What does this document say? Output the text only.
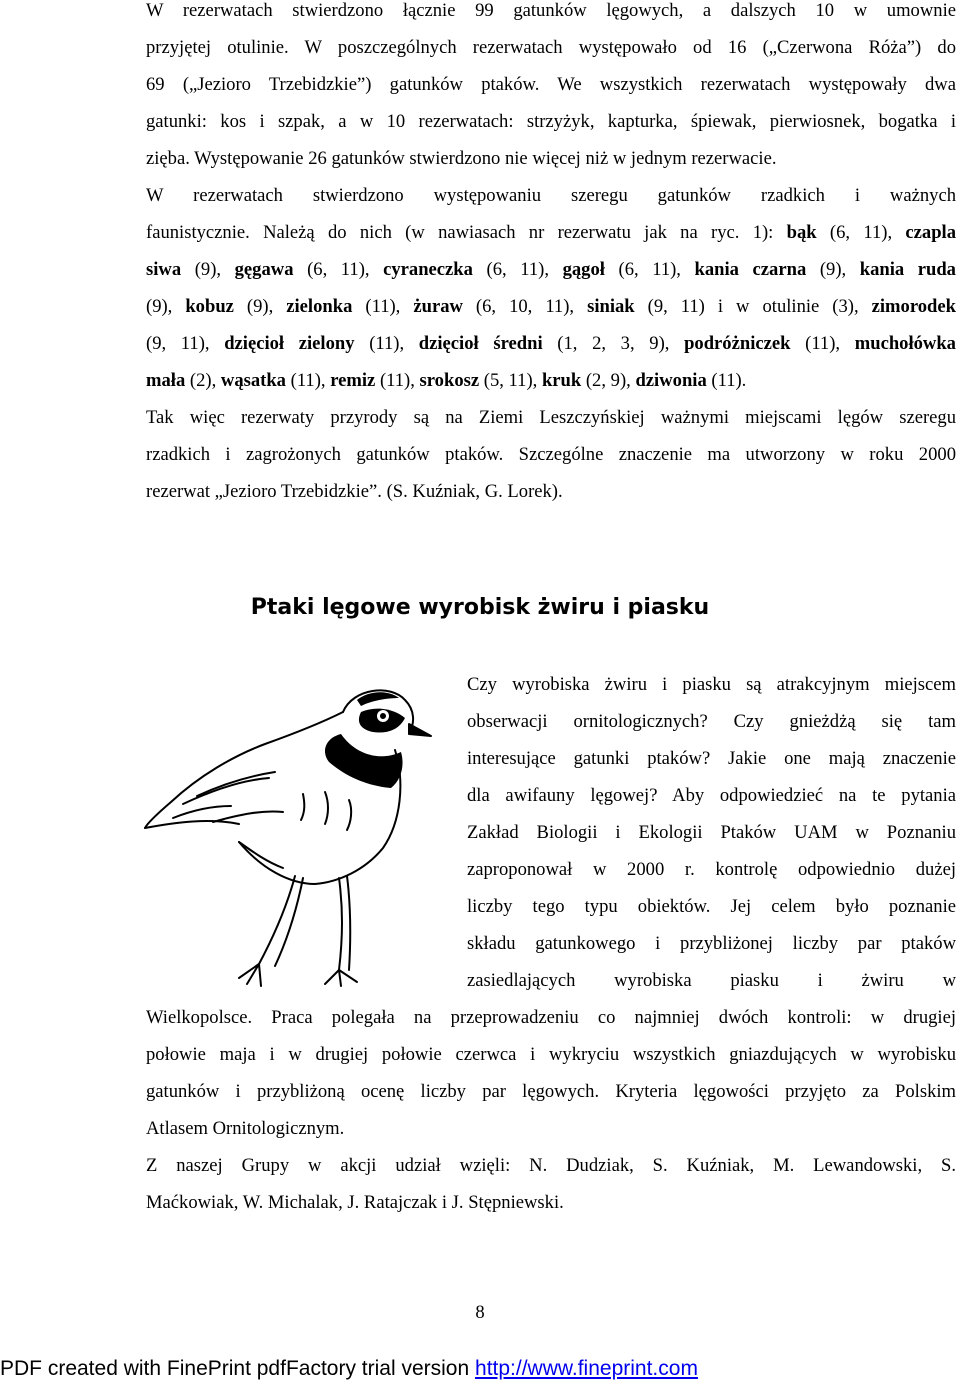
W rezerwatach stwierdzono łącznie 99 gatunków lęgowych, a dalszych 10 w umownie
przyjętej otulinie. W poszczególnych rezerwatach występowało od 16 („Czerwona Róża”) do
69 („Jezioro Trzebidzkie”) gatunków ptaków. We wszystkich rezerwatach występowały dwa
gatunki: kos i szpak, a w 10 rezerwatach: strzyżyk, kapturka, śpiewak, pierwiosnek, bogatka i
zięba. Występowanie 26 gatunków stwierdzono nie więcej niż w jednym rezerwacie.
W rezerwatach stwierdzono występowaniu szeregu gatunków rzadkich i ważnych
faunistycznie. Należą do nich (w nawiasach nr rezerwatu jak na ryc. 1): bąk (6, 11), czapla
siwa (9), gęgawa (6, 11), cyraneczka (6, 11), gągoł (6, 11), kania czarna (9), kania ruda
(9), kobuz (9), zielonka (11), żuraw (6, 10, 11), siniak (9, 11) i w otulinie (3), zimorodek
(9, 11), dzięcioł zielony (11), dzięcioł średni (1, 2, 3, 9), podróżniczek (11), muchołówka
mała (2), wąsatka (11), remiz (11), srokosz (5, 11), kruk (2, 9), dziwonia (11).
Tak więc rezerwaty przyrody są na Ziemi Leszczyńskiej ważnymi miejscami lęgów szeregu
rzadkich i zagrożonych gatunków ptaków. Szczególne znaczenie ma utworzony w roku 2000
rezerwat „Jezioro Trzebidzkie”. (S. Kuźniak, G. Lorek).
Ptaki lęgowe wyrobisk żwiru i piasku
Czy wyrobiska żwiru i piasku są atrakcyjnym miejscem
obserwacji ornitologicznych? Czy gnieżdżą się tam
interesujące gatunki ptaków? Jakie one mają znaczenie
dla awifauny lęgowej? Aby odpowiedzieć na te pytania
Zakład Biologii i Ekologii Ptaków UAM w Poznaniu
zaproponował w 2000 r. kontrolę odpowiednio dużej
liczby tego typu obiektów. Jej celem było poznanie
składu gatunkowego i przybliżonej liczby par ptaków
zasiedlających wyrobiska piasku i żwiru w
Wielkopolsce. Praca polegała na przeprowadzeniu co najmniej dwóch kontroli: w drugiej
połowie maja i w drugiej połowie czerwca i wykryciu wszystkich gniazdujących w wyrobisku
gatunków i przybliżoną ocenę liczby par lęgowych. Kryteria lęgowości przyjęto za Polskim
Atlasem Ornitologicznym.
Z naszej Grupy w akcji udział wzięli: N. Dudziak, S. Kuźniak, M. Lewandowski, S.
Maćkowiak, W. Michalak, J. Ratajczak i J. Stępniewski.
8
PDF created with FinePrint pdfFactory trial version http://www.fineprint.com
